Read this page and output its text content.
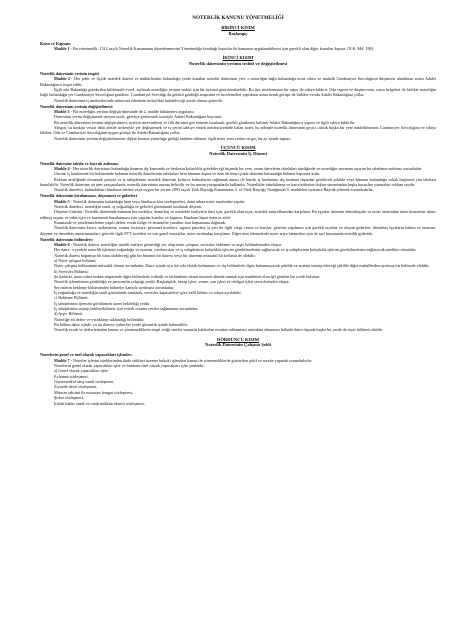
NOTERLİK KANUNU YÖNETMELİĞİ
BİRİNCİ KISIM
Başlangıç

Konu ve Kapsam

Madde 1 - Bu yönetmelik, 1512 sayılı Noterlik Kanununun düzenlenmesini Yönetmeliğe bıraktığı hususlar ile kanunun uygulanabilmesi için gerekli olan diğer konuları kapsar. (N.K. Md. 198)

İKİNCİ KISIM
Noterlik dairesinin yerinin tesbiti ve değiştirilmesi

Noterlik dairesinin yerinin tespiti

Madde 2 - Her şehir ve ilçede noterlik dairesi ve mühürlerinin bulunduğu yerde kurulan noterlik dairesinin yeri, o noterliğin bağlı bulunduğu noter odası ve mahalli Cumhuriyet Savcılığının düşüncesi alındıktan sonra Adalet Bakanlığınca tespit edilir.

İlgili oda Bakanlığa gönderilen bildirimde evvel, açılacak noterliğin yerinin tesbiti için bir üyesini görevlendirebilir. Bu üye incelemesini bir rapor ile odaya bildirir. Oda raporu ve düşüncesini, varsa belgeleri ile birlikte noterliğin bağlı bulunduğu yer Cumhuriyet Savcılığına gönderir. Cumhuriyet Savcılığı da gerekli gördüğü araştırma ve incelemeleri yaptıktan sonra kendi görüşü ile birlikte evrakı Adalet Bakanlığına yollar.

Noterlik dairesinin iş merkezlerinde müracaat edenlerin kolaylıkla bulabileceği yerde olması gözetilir.

Noterlik dairesinin yerinin değiştirilmesi:

Madde 3 - Bir noterliğin yerinin değiştirilmesinde de 2. madde hükümleri uygulanır.

Dairesinin yerini değiştirmek isteyen noter, gerekçe göstermek suretiyle Adalet Bakanlığına başvurur.

Bir noterlik dairesinin yerinin değiştirilmesi, noterin mevcudiyeti ve fiili durumu göz önünde tutularak, gerekli görülmesi halinde Adalet Bakanlığınca yapılır ve ilgili odaya bildirilir.

Yangın, su baskını vesair tabii afetler nedeniyle yer değiştirmek ve iş yerini tahliye etmek mecburiyetinde kalan noter, bu sebeple noterlik dairesinin geçici olarak başka bir yere nakledilmesini Cumhuriyet Savcılığına ve odaya bildirir. Oda ve Cumhuriyet Savcılığının uygun görüşü ile Adalet Bakanlığına yollar.

Noterlik dairesinin yerinin değiştirilmesine ilişkin kararın yürürlüğe girdiği tarihten itibaren, ilgili noter yeni yerine en geç bir ay içinde taşınır.

ÜÇÜNCÜ KISIM
Noterlik Dairesinin İç Düzeni

Noterlik dairesine tabela ve bayrak asılması:

Madde 4 - Her noterlik dairesinin bulunduğu binanın dış kısmında ve herkesin kolaylıkla görebileceği biçimde bir yere, resmi dairelerin tabelaları niteliğinde ve noterliğin unvanını taşıyan bir tabelanın asılması zorunludur.

Unvanı iş hanlarında bir bölümünde bulunan noterlik dairelerinin tabelaları hem binanın dışına ve hem de bina içinde dairenin bulunduğu bölüme kapısına asılır.

Reklam niteliğinde olmamak şartıyla ve iş sahiplerinin noterlik dairesini kolayca bulmalarını sağlamak amacı ile büyük iş hanlarının dış kısmına dışardan görülecek şekilde veya binanın bulunduğu sokak başlarına yön tabelası konulabilir. Noterlik dairesine ait tüm yazışmalarda, noterlik dairesinin unvanı belirtilir ve bu unvan yazışmalarda kullanılır. Noterlikler tabelalarına ve kartvizitlerine doktor unvanından başka hususları yazmaları reklam sayılır.

Noterlik daireleri, bulundukları binaların üstüne veya uygun bir yerine 2893 sayılı Türk Bayrağı Kanununun 3. ve Türk Bayrağı Tüzüğünün 9. maddeleri uyarınca Bayrak çekmek zorundadırlar.

Noterlik dairesinin kiralanması, döşenmesi ve giderleri

Madde 5 - Noterlik dairesinin bulunduğu bina veya binaların kira sözleşmeleri, daire adına noter tarafından yapılır.

Noterlik daireleri, noterliğin sınıfı, iş yoğunluğu ve gelirleri gözönünde tutularak döşenir.

Döşeme Giderini: Noterlik dairesinde bulunan her mobilya, demirbaş ve meslekle faaliyetin ifası için, gerekli olan eşya, noterlik masraflarından karşılanır. Bu eşyalar dairenin demirbaşıdır ve noter tarafından daire hizmetine tahsis edilmiş taşınır ve sabit eşya ve hazinenin hazırlanması için yapılan kurulur ve kapanır. Bunların hepsi noterce aittir.

Kasanında ve yenilenmelerine yapılı defter, evrak bölge ve emanetler yazıtları fara kapsamına doğmadı.

Noterlik dairesinin kirası, aydınlatma, ısıtma, kırtasiye, personel ücretleri, sigorta primleri, iş yeri ile ilgili vergi, resim ve harçlar, görevin yapılması için gerekli seyahat ve ulaşım giderleri, demirbaş eşyaların bakım ve onarımı, döşeme ve demirbaş amortismanları, görevle ilgili PTT ücretleri ve sair genel masraflar, noter tarafından karşılanır. Diğer tüm ödemelerde noter arşiv hizmetleri için de sarf hususunda noterlik gideridir.

Noterlik dairesinin bölümleri:

Madde 6 - Noterlik dairesi, noterliğin sürekli faaliyet gösterdiği yer olup noter çalışma, servisler, bekleme ve arşiv bölümlerinden oluşur.

Her daire, o yerdeki noterlik işlerinin yoğunluğu ve noterin, yardımcıları ve iş sahiplerinin kolaylıkla işlerini görebilmelerini sağlayacak ve iş sahiplerinin kolaylıkla işlerini görebilmelerini sağlayacak nitelikte olmalıdır.

Noterlik dairesi bağımsız bir bina olabileceği gibi bir binanın bir dairesi veya bir dairenin müstakil bir bölümü de olabilir:

a) Noter çalışma bölümü;

Noter çalışma bölümünün müstakil olması zorunludur. Daire içinde ayrı bir oda olarak bulunması ve dış bölümlerle ilgisi bulunmayacak şekilde ve noterin temsip edeceği şekilde diğer mahallerden ayrılmış bir bölümde olabilir.

b) Servisler Bölümü:

Şu kadarki, noter odası imkan nispetinde diğer bölümlerle irtibatlı ve bölümlerin daimi nezareti altında tutmak için maddeten elverişli görülen bir yerde bulunur.

Noterlik işlemlerinin görüldüğü ve personelin çalıştığı yerdir. Başkatiplik, hesap işleri, vezne, yan işleri ve tebligat işleri servislerinden oluşur.

Servislerin bekleme bölümünden bölmeler kanıyla ayrılması zorunludur.

İş yoğunluğu ve noterliğin sınıfı gözönünde tutularak, servisler kapasitelere göre belli bölüm ve odaya ayrılabilir.

c) Bekleme Bölümü:

İş sahiplerinin işlemini gördürtmek üzere beklediği yerdir.

İş sahiplerinin oturup bekleyebilmesi için yeterli oturma yerleri sağlanması zorunludur.

d) Arşiv Bölümü:

Noterliğe ait defter ve evrakların saklandığı bölümdür.

Bu bölüm daire içinde, ya da daireye yakın bir yerde güvenlik içinde bulunabilir.

Noterlik evrak ve defterlerinden kanun ve yönetmeliklerin tespit ettiği süreler sonunda kaldırılan evrakın saklanması mümkün olmaması halinde daire dışında başka bir yerde de arşiv bölümü olabilir.

DÖRDÜNCÜ KISIM
Noterlik Dairesinin Çalışma Şekli

Noterlerin genel ve özel olarak yapacakları işlemler:

Madde 7 - Noterler işlerini isteklerinden ifade ettikleri üzerine hukuki işlemleri kanun ile yönetmeliklerde gösterilen şekil ve surette yapmak zorundadırlar.

Noterlerin genel olarak yapacakları işler ve bunların özel olarak yapacakları işler şunlardır:

a) Genel olarak yapacakları işler:

Evlenme sözleşmesi,

Gayrimenkul satış vaadi sözleşmesi,

Ziynetle devri sözleşmesi,

Mirasın taksimi ile mirastan feragat sözleşmesi,

Şirket sözleşmesi,

İrtifak hakkı vaadi ve ortak mülkün idaresi sözleşmesi,
